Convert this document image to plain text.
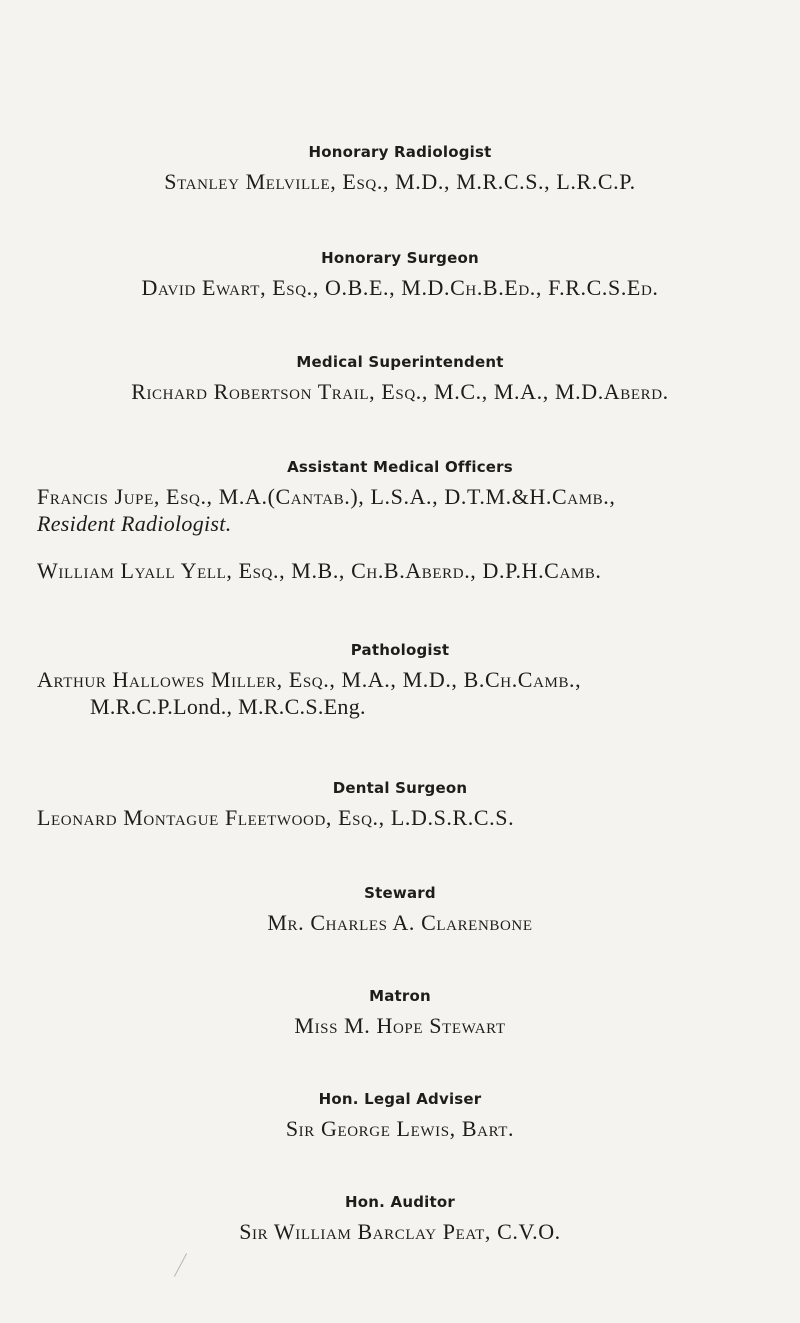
Honorary Radiologist

Stanley Melville, Esq., M.D., M.R.C.S., L.R.C.P.

Honorary Surgeon

David Ewart, Esq., O.B.E., M.D.Ch.B.Ed., F.R.C.S.Ed.

Medical Superintendent

Richard Robertson Trail, Esq., M.C., M.A., M.D.Aberd.

Assistant Medical Officers

Francis Jupe, Esq., M.A.(Cantab.), L.S.A., D.T.M.&H.Camb.,

Resident Radiologist.

William Lyall Yell, Esq., M.B., Ch.B.Aberd., D.P.H.Camb.

Pathologist

Arthur Hallowes Miller, Esq., M.A., M.D., B.Ch.Camb.,

M.R.C.P.Lond., M.R.C.S.Eng.

Dental Surgeon

Leonard Montague Fleetwood, Esq., L.D.S.R.C.S.

Steward

Mr. Charles A. Clarenbone

Matron

Miss M. Hope Stewart

Hon. Legal Adviser

Sir George Lewis, Bart.

Hon. Auditor

Sir William Barclay Peat, C.V.O.
